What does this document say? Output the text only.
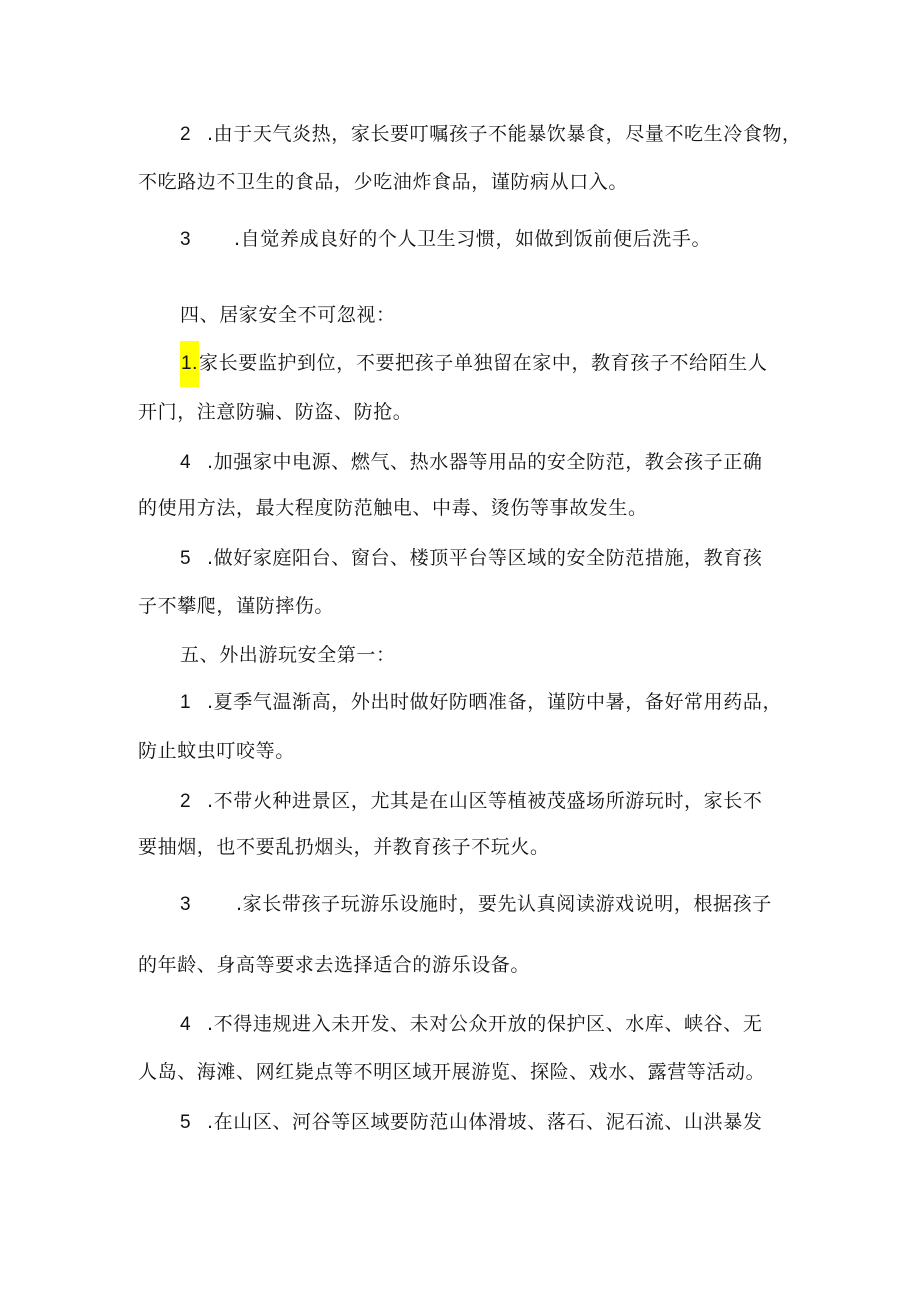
2 .由于天气炎热，家长要叮嘱孩子不能暴饮暴食，尽量不吃生冷食物，
不吃路边不卫生的食品，少吃油炸食品，谨防病从口入。
3 .自觉养成良好的个人卫生习惯，如做到饭前便后洗手。
四、居家安全不可忽视：
1.家长要监护到位，不要把孩子单独留在家中，教育孩子不给陌生人
开门，注意防骗、防盗、防抢。
4 .加强家中电源、燃气、热水器等用品的安全防范，教会孩子正确
的使用方法，最大程度防范触电、中毒、烫伤等事故发生。
5 .做好家庭阳台、窗台、楼顶平台等区域的安全防范措施，教育孩
子不攀爬，谨防摔伤。
五、外出游玩安全第一：
1 .夏季气温渐高，外出时做好防晒准备，谨防中暑，备好常用药品，
防止蚊虫叮咬等。
2 .不带火种进景区，尤其是在山区等植被茂盛场所游玩时，家长不
要抽烟，也不要乱扔烟头，并教育孩子不玩火。
3 .家长带孩子玩游乐设施时，要先认真阅读游戏说明，根据孩子
的年龄、身高等要求去选择适合的游乐设备。
4 .不得违规进入未开发、未对公众开放的保护区、水库、峡谷、无
人岛、海滩、网红毙点等不明区域开展游览、探险、戏水、露营等活动。
5 .在山区、河谷等区域要防范山体滑坡、落石、泥石流、山洪暴发
